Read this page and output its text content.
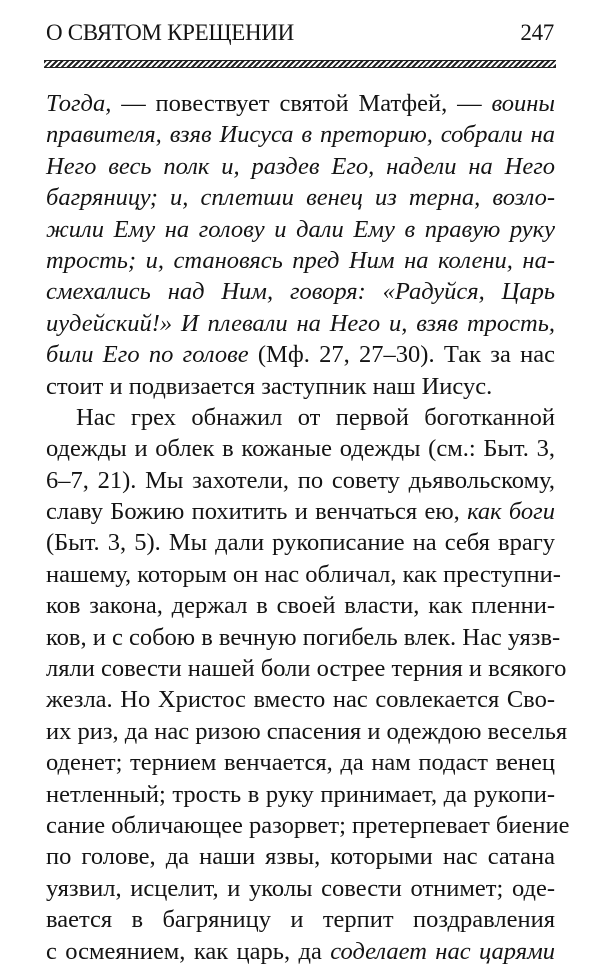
О СВЯТОМ КРЕЩЕНИИ	247
Тогда, — повествует святой Матфей, — воины
правителя, взяв Иисуса в преторию, собрали на
Него весь полк и, раздев Его, надели на Него
багряницу; и, сплетши венец из терна, возло-
жили Ему на голову и дали Ему в правую руку
трость; и, становясь пред Ним на колени, на-
смехались над Ним, говоря: «Радуйся, Царь
иудейский!» И плевали на Него и, взяв трость,
били Его по голове (Мф. 27, 27–30). Так за нас
стоит и подвизается заступник наш Иисус.
Нас грех обнажил от первой боготканной
одежды и облек в кожаные одежды (см.: Быт. 3,
6–7, 21). Мы захотели, по совету дьявольскому,
славу Божию похитить и венчаться ею, как боги
(Быт. 3, 5). Мы дали рукописание на себя врагу
нашему, которым он нас обличал, как преступни-
ков закона, держал в своей власти, как пленни-
ков, и с собою в вечную погибель влек. Нас уязв-
ляли совести нашей боли острее терния и всякого
жезла. Но Христос вместо нас совлекается Сво-
их риз, да нас ризою спасения и одеждою веселья
оденет; тернием венчается, да нам подаст венец
нетленный; трость в руку принимает, да рукопи-
сание обличающее разорвет; претерпевает биение
по голове, да наши язвы, которыми нас сатана
уязвил, исцелит, и уколы совести отнимет; оде-
вается в багряницу и терпит поздравления
с осмеянием, как царь, да соделает нас царями
